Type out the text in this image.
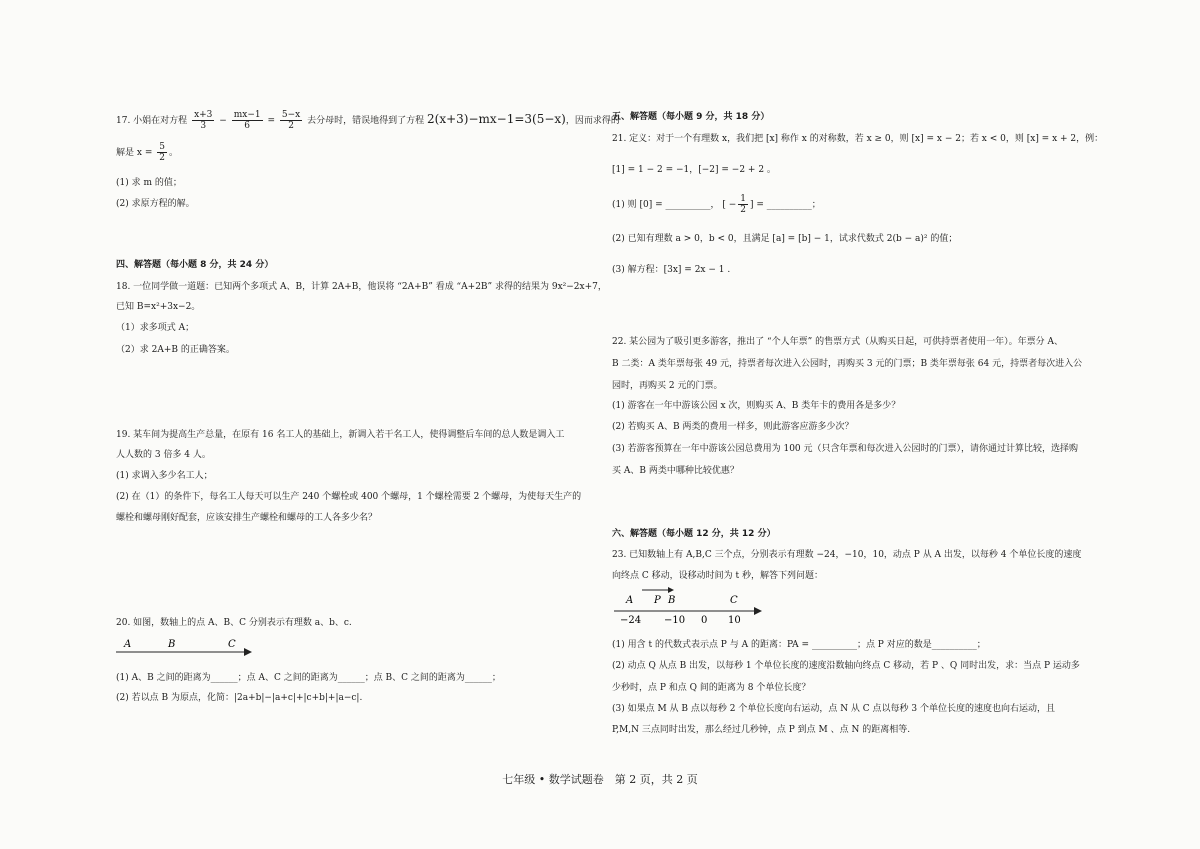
17. 小娟在对方程 $\frac{x+3}{3} - \frac{mx-1}{6} = \frac{5-x}{2}$ 去分母时，错误地得到了方程 2(x+3)−mx−1=3(5−x)，因而求得的
解是 $x = \frac{5}{2}$ 。
(1) 求 m 的值；
(2) 求原方程的解。
四、解答题（每小题 8 分，共 24 分）
18. 一位同学做一道题：已知两个多项式 A、B，计算 2A+B，他误将 “2A+B” 看成 “A+2B” 求得的结果为 9x²−2x+7，
已知 B=x²+3x−2。
（1）求多项式 A；
（2）求 2A+B 的正确答案。
19. 某车间为提高生产总量，在原有 16 名工人的基础上，新调入若干名工人，使得调整后车间的总人数是调入工
人人数的 3 倍多 4 人。
(1) 求调入多少名工人；
(2) 在（1）的条件下，每名工人每天可以生产 240 个螺栓或 400 个螺母，1 个螺栓需要 2 个螺母，为使每天生产的
螺栓和螺母刚好配套，应该安排生产螺栓和螺母的工人各多少名？
20. 如图，数轴上的点 A、B、C 分别表示有理数 a、b、c.
A	B	C
(1) A、B 之间的距离为______；点 A、C 之间的距离为______；点 B、C 之间的距离为______；
(2) 若以点 B 为原点，化简：|2a+b|−|a+c|+|c+b|+|a−c|.
五、解答题（每小题 9 分，共 18 分）
21. 定义：对于一个有理数 x，我们把 [x] 称作 x 的对称数，若 x ≥ 0，则 [x] = x − 2；若 x < 0，则 [x] = x + 2，例：
[1] = 1 − 2 = −1，[−2] = −2 + 2 。
(1) 则 [0] = __________， [ − $\frac{1}{2}$ ] = __________；
(2) 已知有理数 a > 0，b < 0，且满足 [a] = [b] − 1，试求代数式 2(b − a)² 的值；
(3) 解方程：[3x] = 2x − 1 .
22. 某公园为了吸引更多游客，推出了 “个人年票” 的售票方式（从购买日起，可供持票者使用一年）。年票分 A、
B 二类：A 类年票每张 49 元，持票者每次进入公园时，再购买 3 元的门票；B 类年票每张 64 元，持票者每次进入公
园时，再购买 2 元的门票。
(1) 游客在一年中游该公园 x 次，则购买 A、B 类年卡的费用各是多少？
(2) 若购买 A、B 两类的费用一样多，则此游客应游多少次？
(3) 若游客预算在一年中游该公园总费用为 100 元（只含年票和每次进入公园时的门票），请你通过计算比较，选择购
买 A、B 两类中哪种比较优惠？
六、解答题（每小题 12 分，共 12 分）
23. 已知数轴上有 A,B,C 三个点，分别表示有理数 −24，−10，10，动点 P 从 A 出发，以每秒 4 个单位长度的速度
向终点 C 移动，设移动时间为 t 秒，解答下列问题：
A P B	C
−24 −10 0 10
(1) 用含 t 的代数式表示点 P 与 A 的距离：PA = __________；点 P 对应的数是__________；
(2) 动点 Q 从点 B 出发，以每秒 1 个单位长度的速度沿数轴向终点 C 移动，若 P 、Q 同时出发，求：当点 P 运动多
少秒时，点 P 和点 Q 间的距离为 8 个单位长度？
(3) 如果点 M 从 B 点以每秒 2 个单位长度向右运动，点 N 从 C 点以每秒 3 个单位长度的速度也向右运动，且
P,M,N 三点同时出发，那么经过几秒钟，点 P 到点 M 、点 N 的距离相等.
七年级 • 数学试题卷　第 2 页，共 2 页
